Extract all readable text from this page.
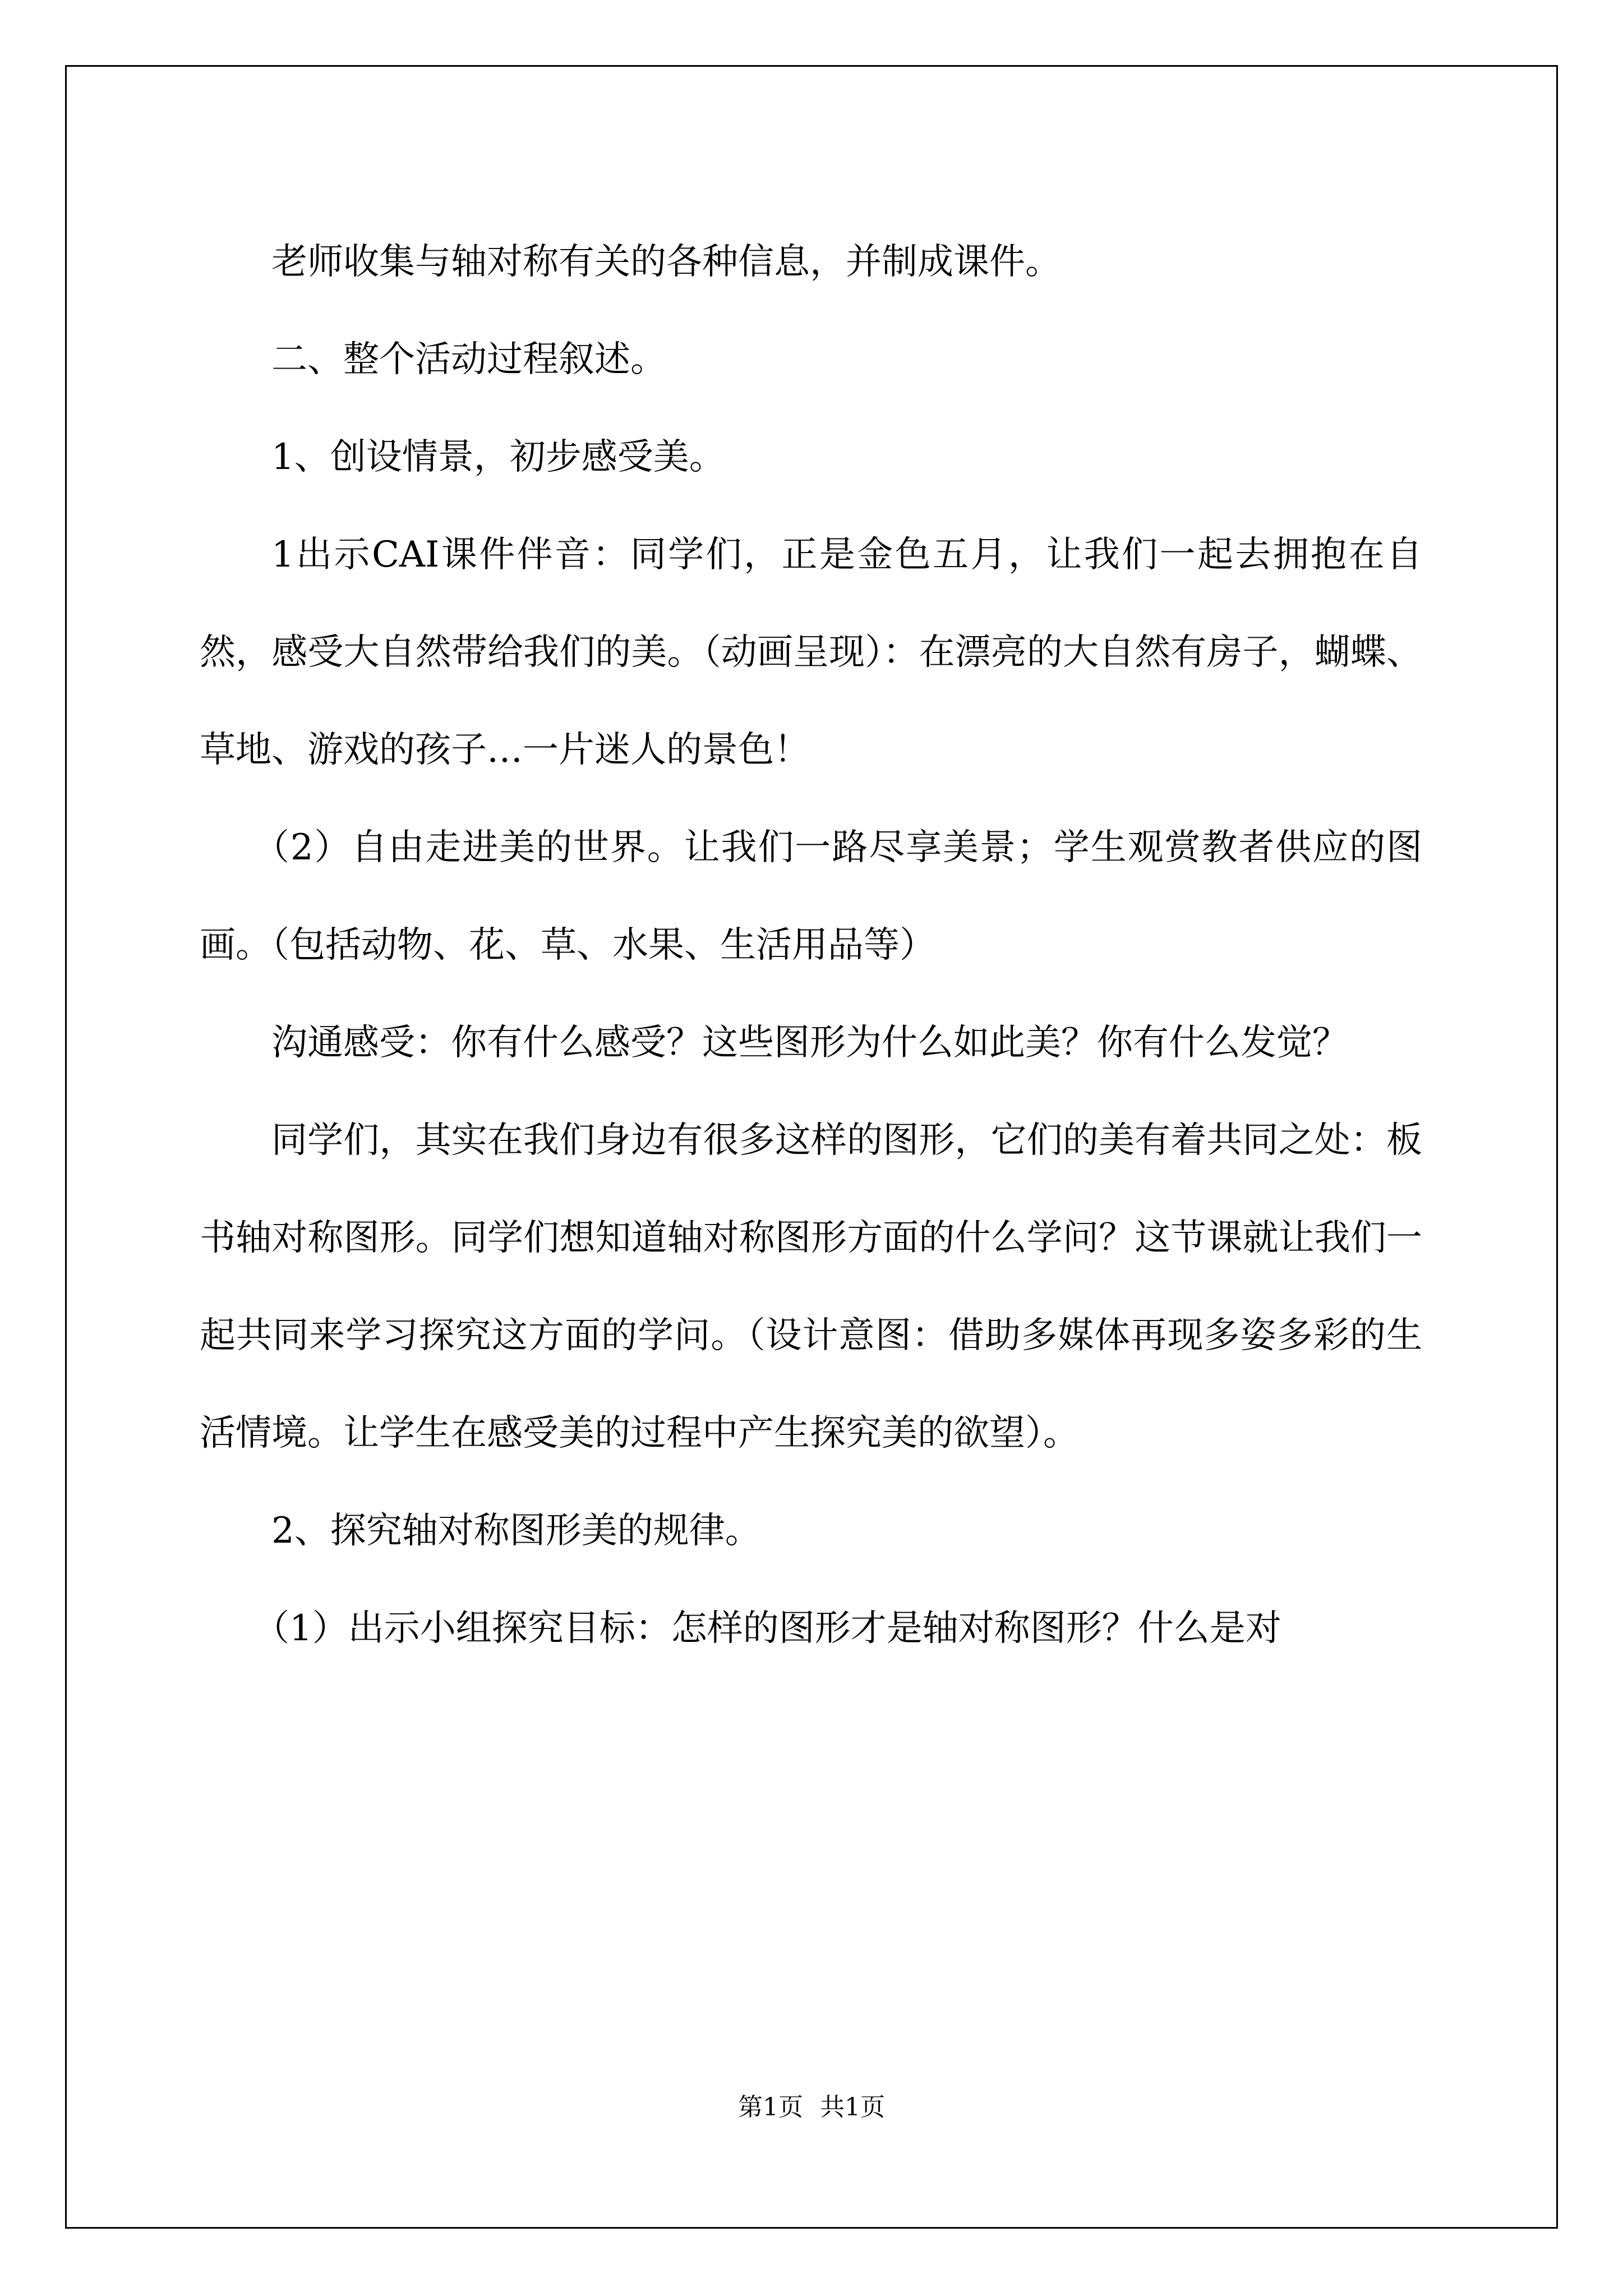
老师收集与轴对称有关的各种信息，并制成课件。

二、整个活动过程叙述。

1、创设情景，初步感受美。

1出示CAI课件伴音：同学们，正是金色五月，让我们一起去拥抱在自然，感受大自然带给我们的美。（动画呈现）：在漂亮的大自然有房子，蝴蝶、草地、游戏的孩子…一片迷人的景色！

（2）自由走进美的世界。让我们一路尽享美景；学生观赏教者供应的图画。（包括动物、花、草、水果、生活用品等）

沟通感受：你有什么感受？这些图形为什么如此美？你有什么发觉？

同学们，其实在我们身边有很多这样的图形，它们的美有着共同之处：板书轴对称图形。同学们想知道轴对称图形方面的什么学问？这节课就让我们一起共同来学习探究这方面的学问。（设计意图：借助多媒体再现多姿多彩的生活情境。让学生在感受美的过程中产生探究美的欲望）。

2、探究轴对称图形美的规律。

（1）出示小组探究目标：怎样的图形才是轴对称图形？什么是对

第1页 共1页
